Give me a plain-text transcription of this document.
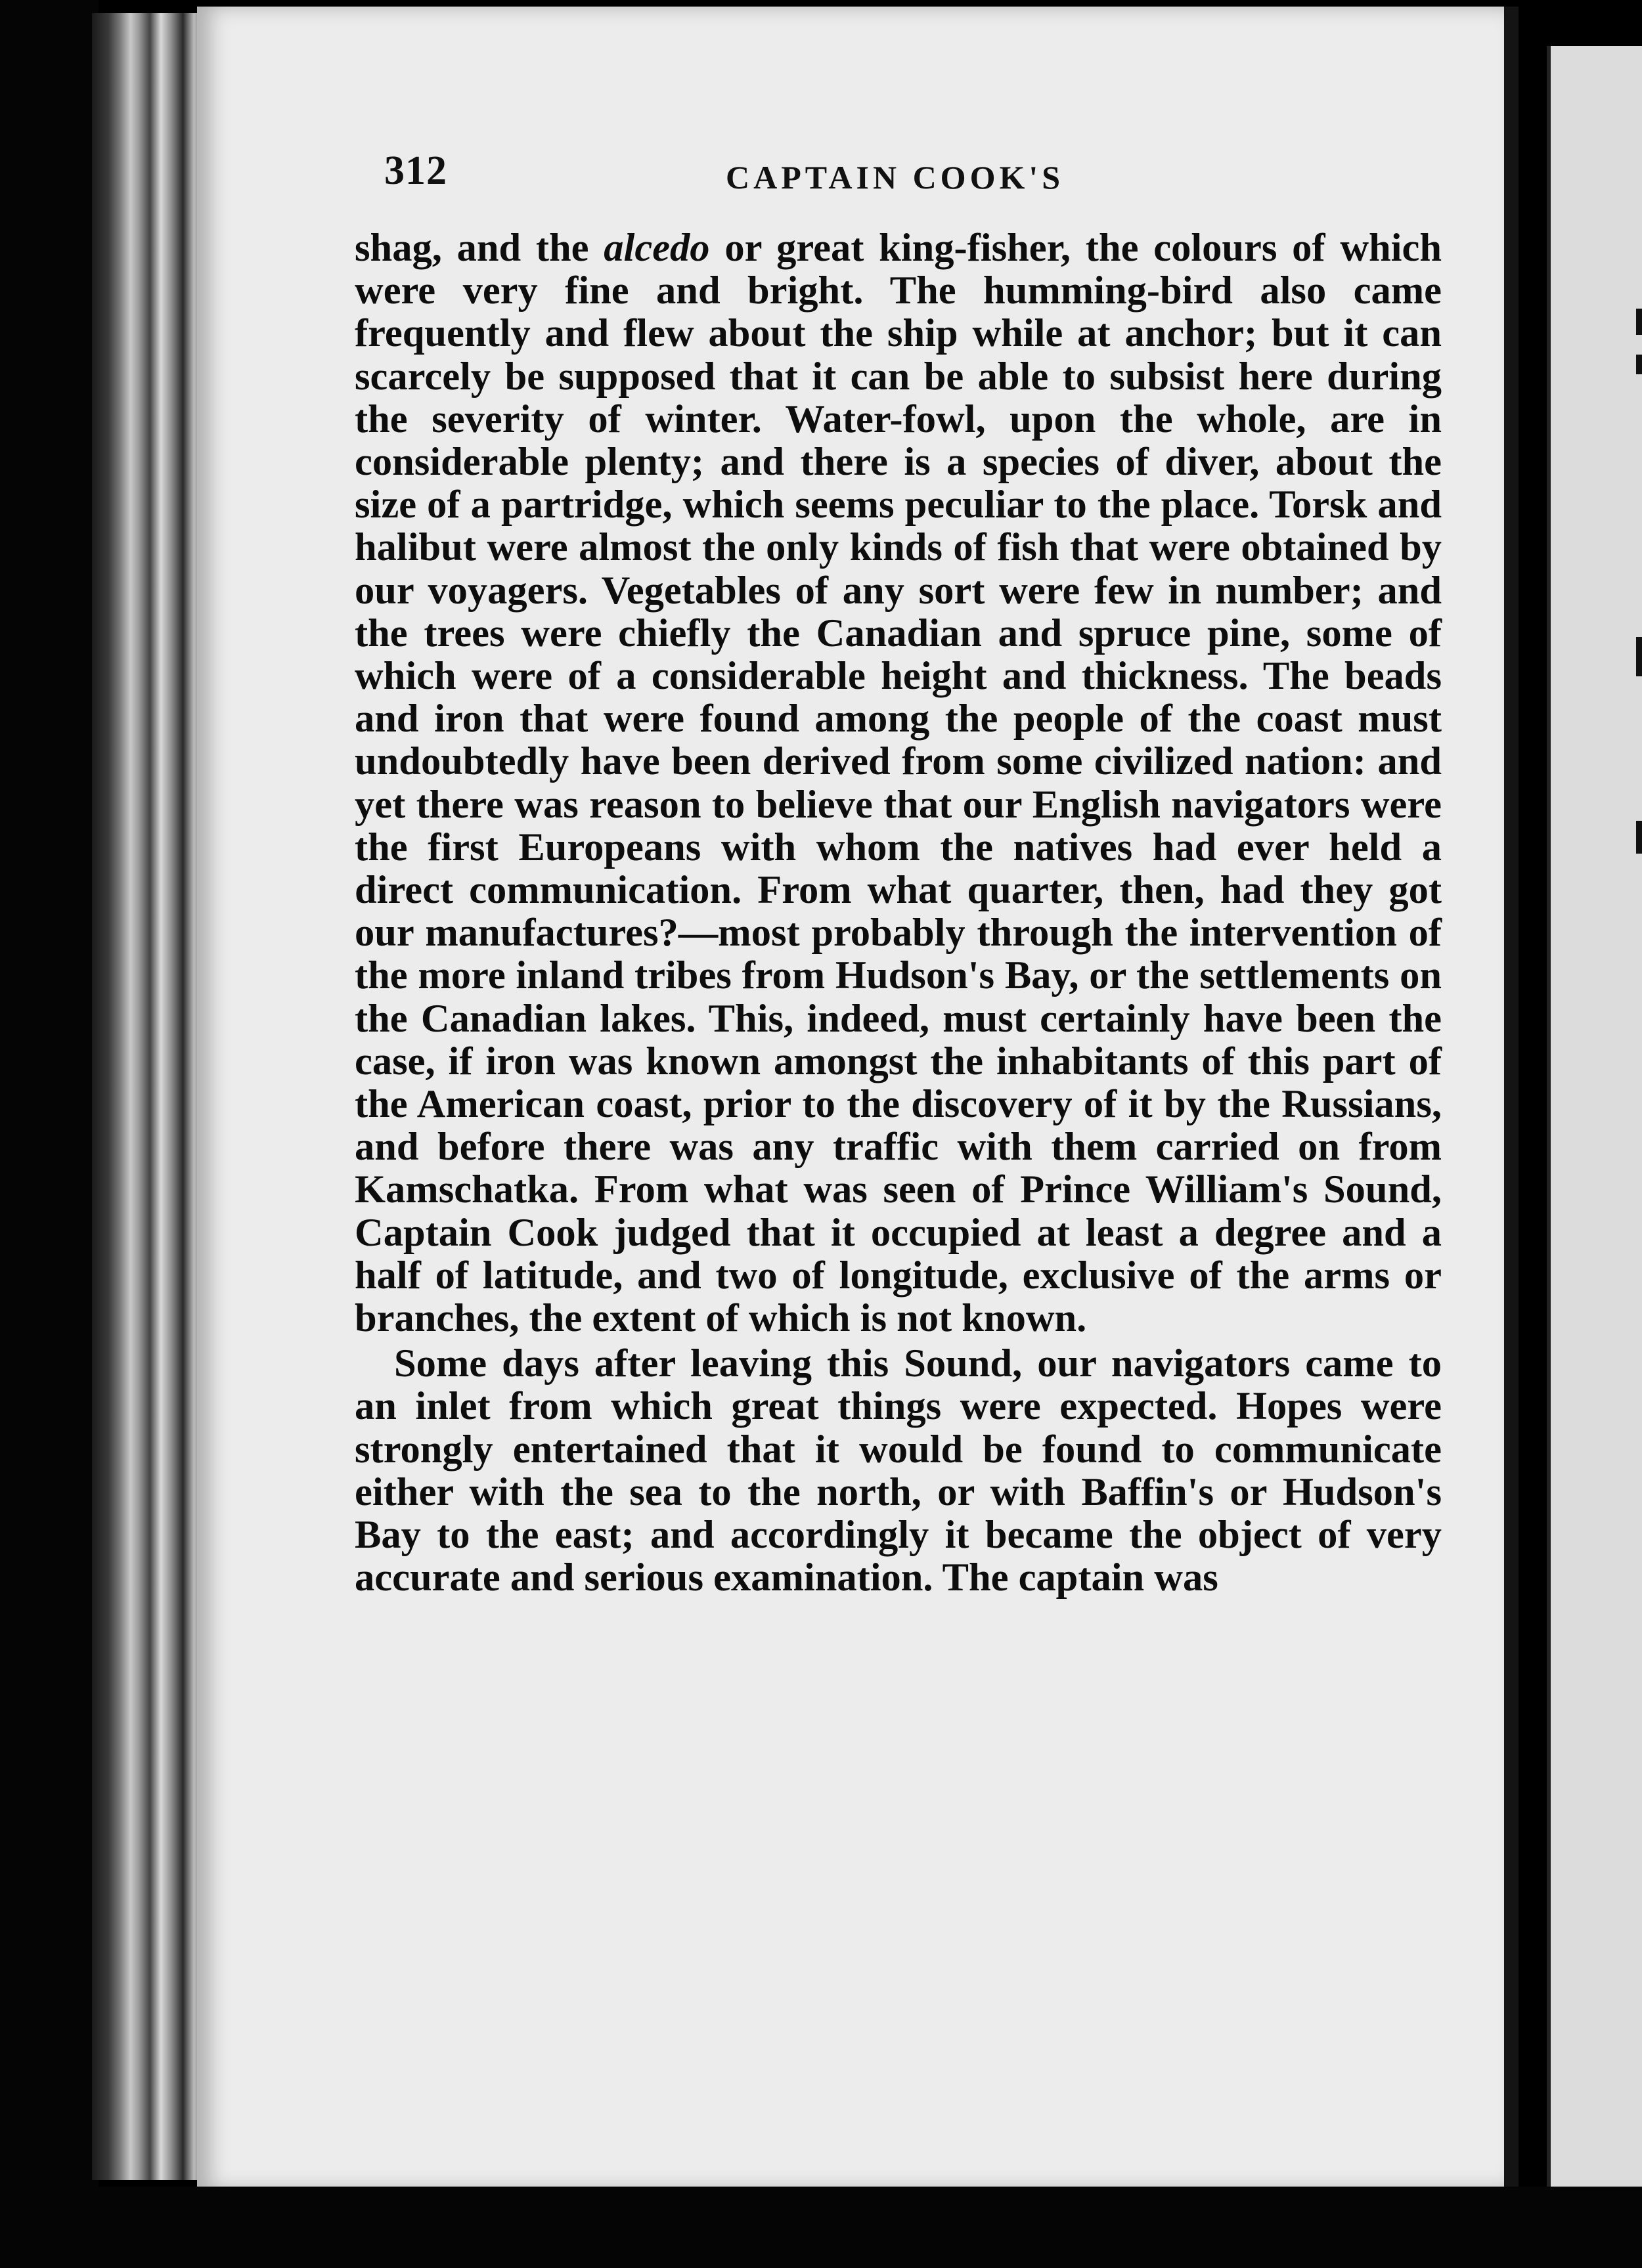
312	CAPTAIN COOK'S

shag, and the alcedo or great king-fisher, the colours of which were very fine and bright. The humming-bird also came frequently and flew about the ship while at anchor; but it can scarcely be supposed that it can be able to subsist here during the severity of winter. Water-fowl, upon the whole, are in considerable plenty; and there is a species of diver, about the size of a partridge, which seems peculiar to the place. Torsk and halibut were almost the only kinds of fish that were obtained by our voyagers. Vegetables of any sort were few in number; and the trees were chiefly the Canadian and spruce pine, some of which were of a considerable height and thickness. The beads and iron that were found among the people of the coast must undoubtedly have been derived from some civilized nation: and yet there was reason to believe that our English navigators were the first Europeans with whom the natives had ever held a direct communication. From what quarter, then, had they got our manufactures?—most probably through the intervention of the more inland tribes from Hudson's Bay, or the settlements on the Canadian lakes. This, indeed, must certainly have been the case, if iron was known amongst the inhabitants of this part of the American coast, prior to the discovery of it by the Russians, and before there was any traffic with them carried on from Kamschatka. From what was seen of Prince William's Sound, Captain Cook judged that it occupied at least a degree and a half of latitude, and two of longitude, exclusive of the arms or branches, the extent of which is not known.

Some days after leaving this Sound, our navigators came to an inlet from which great things were expected. Hopes were strongly entertained that it would be found to communicate either with the sea to the north, or with Baffin's or Hudson's Bay to the east; and accordingly it became the object of very accurate and serious examination. The captain was
